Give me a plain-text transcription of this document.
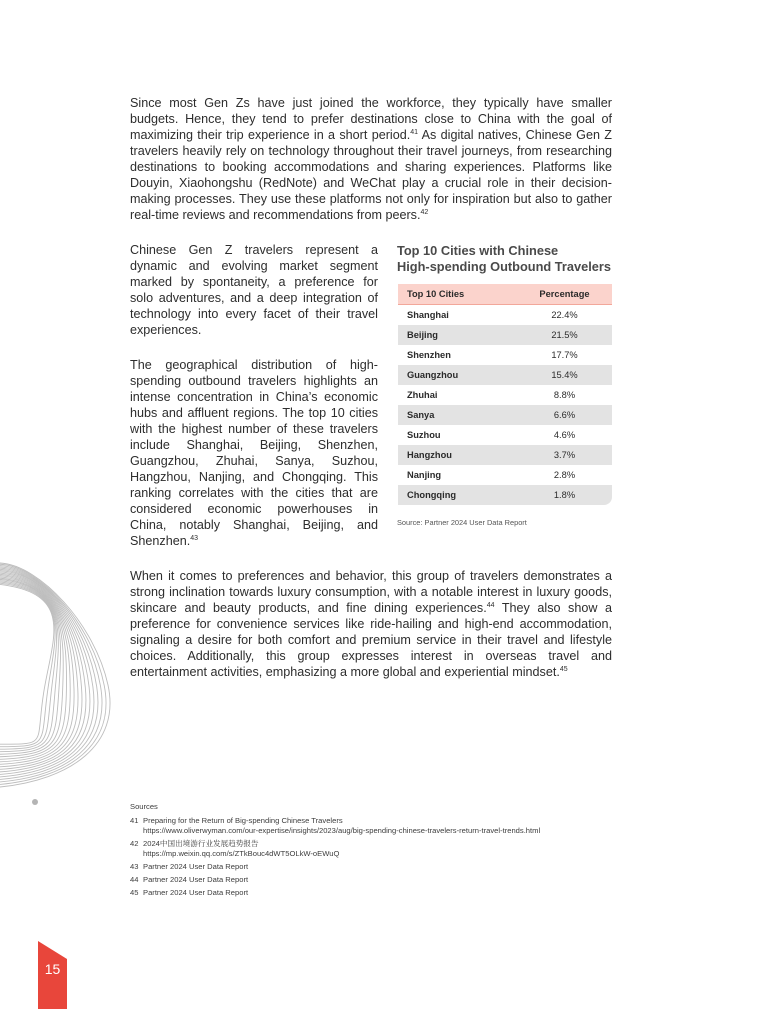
Since most Gen Zs have just joined the workforce, they typically have smaller budgets. Hence, they tend to prefer destinations close to China with the goal of maximizing their trip experience in a short period.$^{41}$ As digital natives, Chinese Gen Z travelers heavily rely on technology throughout their travel journeys, from researching destinations to booking accommodations and sharing experiences. Platforms like Douyin, Xiaohongshu (RedNote) and WeChat play a crucial role in their decision-making processes. They use these platforms not only for inspiration but also to gather real-time reviews and recommendations from peers.$^{42}$

Chinese Gen Z travelers represent a dynamic and evolving market segment marked by spontaneity, a preference for solo adventures, and a deep integration of technology into every facet of their travel experiences.

The geographical distribution of high-spending outbound travelers highlights an intense concentration in China’s economic hubs and affluent regions. The top 10 cities with the highest number of these travelers include Shanghai, Beijing, Shenzhen, Guangzhou, Zhuhai, Sanya, Suzhou, Hangzhou, Nanjing, and Chongqing. This ranking correlates with the cities that are considered economic powerhouses in China, notably Shanghai, Beijing, and Shenzhen.$^{43}$

Top 10 Cities with Chinese
High-spending Outbound Travelers
Top 10 Cities	Percentage
Shanghai	22.4%
Beijing	21.5%
Shenzhen	17.7%
Guangzhou	15.4%
Zhuhai	8.8%
Sanya	6.6%
Suzhou	4.6%
Hangzhou	3.7%
Nanjing	2.8%
Chongqing	1.8%
Source: Partner 2024 User Data Report

When it comes to preferences and behavior, this group of travelers demonstrates a strong inclination towards luxury consumption, with a notable interest in luxury goods, skincare and beauty products, and fine dining experiences.$^{44}$ They also show a preference for convenience services like ride-hailing and high-end accommodation, signaling a desire for both comfort and premium service in their travel and lifestyle choices. Additionally, this group expresses interest in overseas travel and entertainment activities, emphasizing a more global and experiential mindset.$^{45}$

Sources
41 Preparing for the Return of Big-spending Chinese Travelers
https://www.oliverwyman.com/our-expertise/insights/2023/aug/big-spending-chinese-travelers-return-travel-trends.html
42 2024中国出境游行业发展趋势报告
https://mp.weixin.qq.com/s/ZTkBouc4dWT5OLkW-oEWuQ
43 Partner 2024 User Data Report
44 Partner 2024 User Data Report
45 Partner 2024 User Data Report
15
